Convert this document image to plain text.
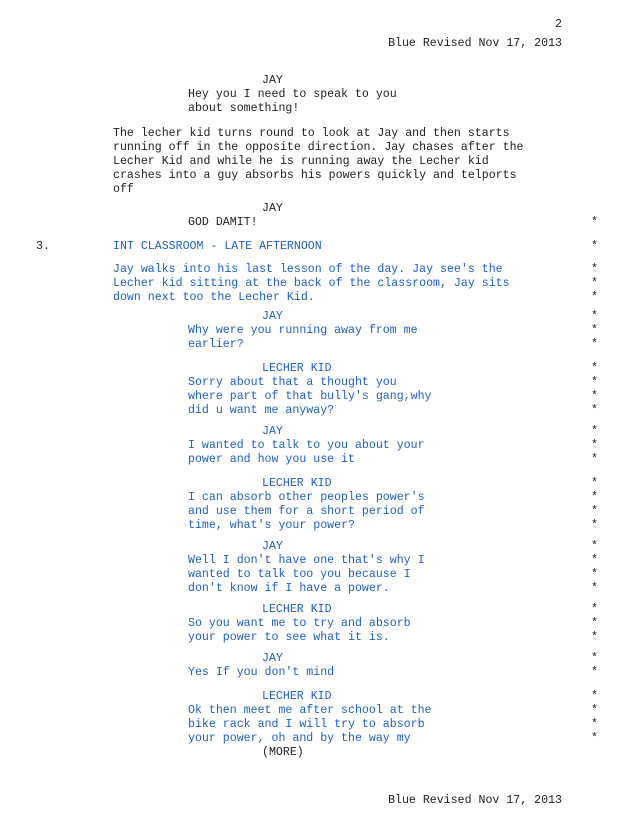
2
Blue Revised Nov 17, 2013
JAY
Hey you I need to speak to you
about something!
The lecher kid turns round to look at Jay and then starts
running off in the opposite direction. Jay chases after the
Lecher Kid and while he is running away the Lecher kid
crashes into a guy absorbs his powers quickly and telports
off
JAY
GOD DAMIT!	*
3.	INT CLASSROOM - LATE AFTERNOON	*
Jay walks into his last lesson of the day. Jay see's the
Lecher kid sitting at the back of the classroom, Jay sits
down next too the Lecher Kid.
*
*
*
JAY
Why were you running away from me
earlier?
*
*
*
LECHER KID
Sorry about that a thought you
where part of that bully's gang,why
did u want me anyway?
*
*
*
*
JAY
I wanted to talk to you about your
power and how you use it
*
*
*
LECHER KID
I can absorb other peoples power's
and use them for a short period of
time, what's your power?
*
*
*
*
JAY
Well I don't have one that's why I
wanted to talk too you because I
don't know if I have a power.
*
*
*
*
LECHER KID
So you want me to try and absorb
your power to see what it is.
*
*
*
JAY
Yes If you don't mind
*
*
LECHER KID
Ok then meet me after school at the
bike rack and I will try to absorb
your power, oh and by the way my
*
*
*
*
(MORE)
Blue Revised Nov 17, 2013
